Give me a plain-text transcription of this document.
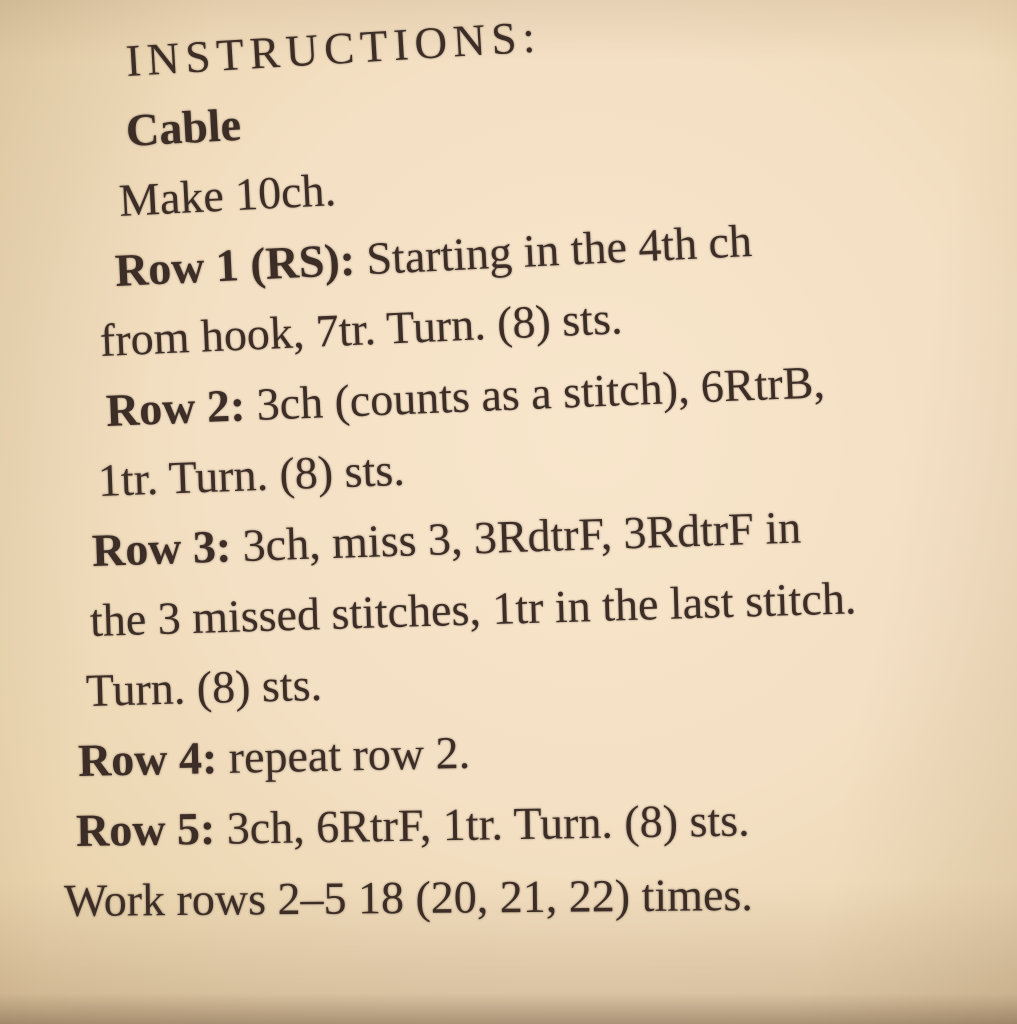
INSTRUCTIONS:

Cable

Make 10ch.

Row 1 (RS): Starting in the 4th ch

from hook, 7tr. Turn. (8) sts.

Row 2: 3ch (counts as a stitch), 6RtrB,

1tr. Turn. (8) sts.

Row 3: 3ch, miss 3, 3RdtrF, 3RdtrF in

the 3 missed stitches, 1tr in the last stitch.

Turn. (8) sts.

Row 4: repeat row 2.

Row 5: 3ch, 6RtrF, 1tr. Turn. (8) sts.

Work rows 2–5 18 (20, 21, 22) times.
